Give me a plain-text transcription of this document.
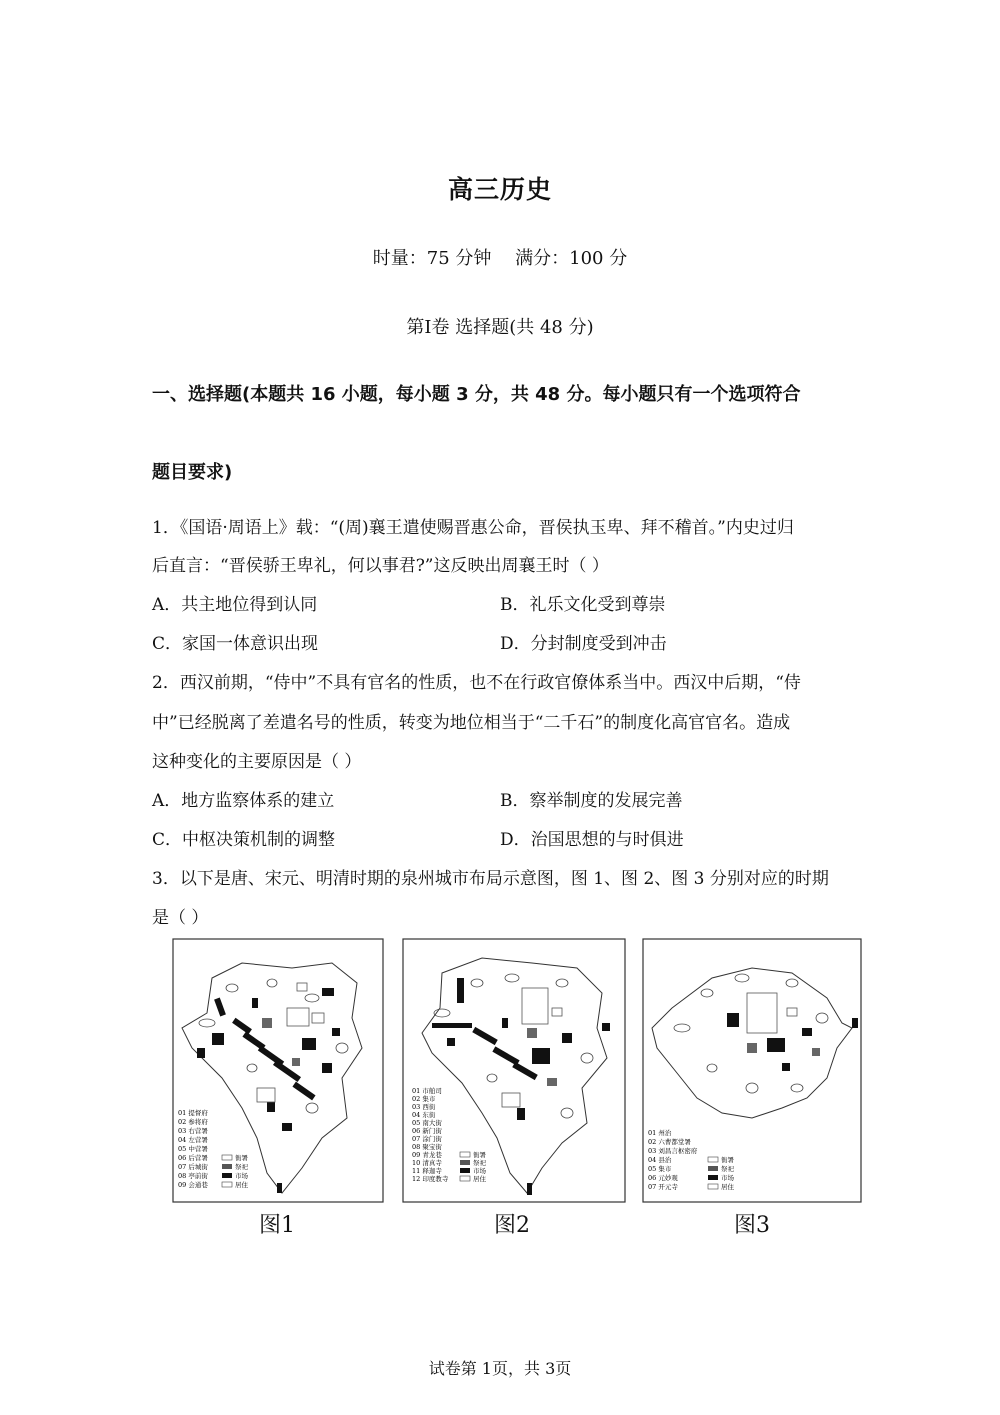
高三历史
时量：75 分钟　 满分：100 分
第Ⅰ卷 选择题(共 48 分)
一、选择题(本题共 16 小题，每小题 3 分，共 48 分。每小题只有一个选项符合
题目要求)
1．《国语·周语上》载：“(周)襄王遣使赐晋惠公命，晋侯执玉卑、拜不稽首。”内史过归
后直言：“晋侯骄王卑礼，何以事君?”这反映出周襄王时（ ）
A．共主地位得到认同	B．礼乐文化受到尊崇
C．家国一体意识出现	D．分封制度受到冲击
2．西汉前期，“侍中”不具有官名的性质，也不在行政官僚体系当中。西汉中后期，“侍
中”已经脱离了差遣名号的性质，转变为地位相当于“二千石”的制度化高官官名。造成
这种变化的主要原因是（ ）
A．地方监察体系的建立	B．察举制度的发展完善
C．中枢决策机制的调整	D．治国思想的与时俱进
3．以下是唐、宋元、明清时期的泉州城市布局示意图，图 1、图 2、图 3 分别对应的时期
是（ ）
01 提督府
02 参将府
03 右营署
04 左营署
05 中营署
06 后营署
07 后城街
08 亭前街
09 会通巷
衙署
祭祀
市场
居住
图1
01 市舶司
02 集市
03 西街
04 东街
05 南大街
06 新门街
07 涂门街
08 聚宝街
09 青龙巷
10 清真寺
11 释迦寺
12 印度教寺
衙署
祭祀
市场
居住
图2
01 州治
02 六曹都堂署
03 刘昌言枢密府
04 县治
05 集市
06 元妙观
07 开元寺
衙署
祭祀
市场
居住
图3
试卷第 1页，共 3页
